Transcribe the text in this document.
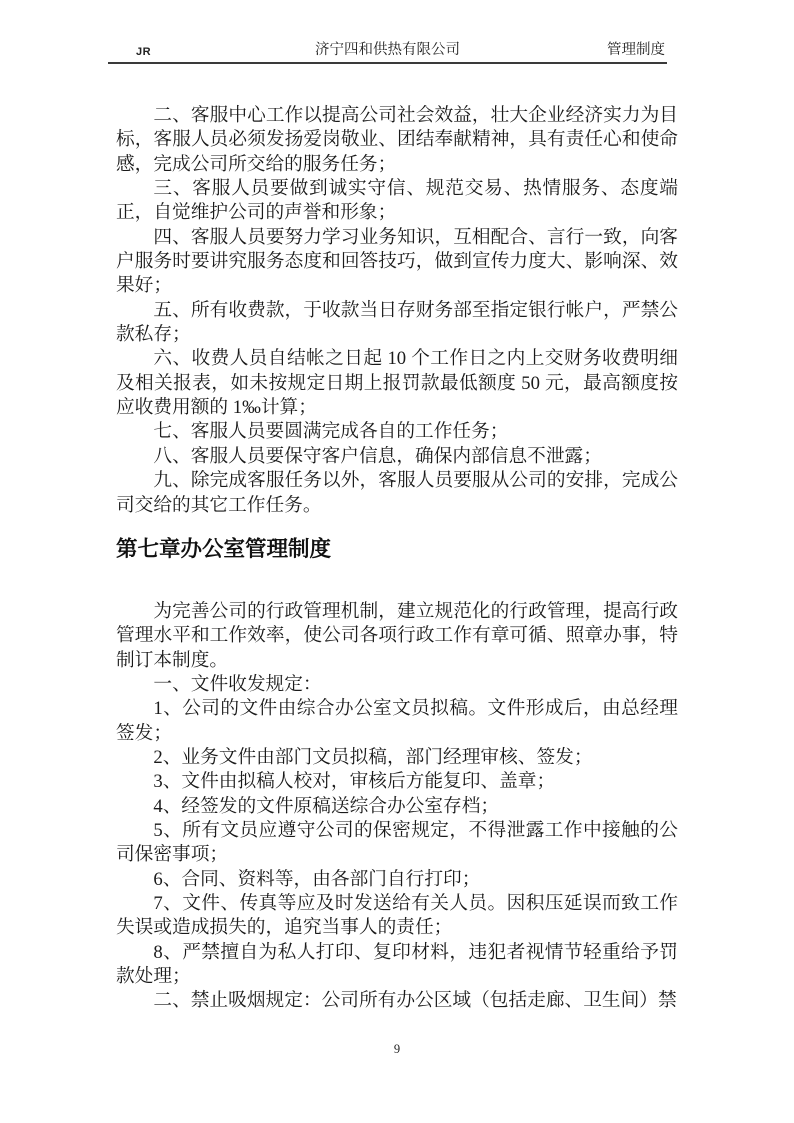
JR	济宁四和供热有限公司	管理制度

二、客服中心工作以提高公司社会效益，壮大企业经济实力为目标，客服人员必须发扬爱岗敬业、团结奉献精神，具有责任心和使命感，完成公司所交给的服务任务；

三、客服人员要做到诚实守信、规范交易、热情服务、态度端正，自觉维护公司的声誉和形象；

四、客服人员要努力学习业务知识，互相配合、言行一致，向客户服务时要讲究服务态度和回答技巧，做到宣传力度大、影响深、效果好；

五、所有收费款，于收款当日存财务部至指定银行帐户，严禁公款私存；

六、收费人员自结帐之日起 10 个工作日之内上交财务收费明细及相关报表，如未按规定日期上报罚款最低额度 50 元，最高额度按应收费用额的 1‰计算；

七、客服人员要圆满完成各自的工作任务；

八、客服人员要保守客户信息，确保内部信息不泄露；

九、除完成客服任务以外，客服人员要服从公司的安排，完成公司交给的其它工作任务。

第七章办公室管理制度

为完善公司的行政管理机制，建立规范化的行政管理，提高行政管理水平和工作效率，使公司各项行政工作有章可循、照章办事，特制订本制度。

一、文件收发规定：

1、公司的文件由综合办公室文员拟稿。文件形成后，由总经理签发；

2、业务文件由部门文员拟稿，部门经理审核、签发；

3、文件由拟稿人校对，审核后方能复印、盖章；

4、经签发的文件原稿送综合办公室存档；

5、所有文员应遵守公司的保密规定，不得泄露工作中接触的公司保密事项；

6、合同、资料等，由各部门自行打印；

7、文件、传真等应及时发送给有关人员。因积压延误而致工作失误或造成损失的，追究当事人的责任；

8、严禁擅自为私人打印、复印材料，违犯者视情节轻重给予罚款处理；

二、禁止吸烟规定：公司所有办公区域（包括走廊、卫生间）禁

9
